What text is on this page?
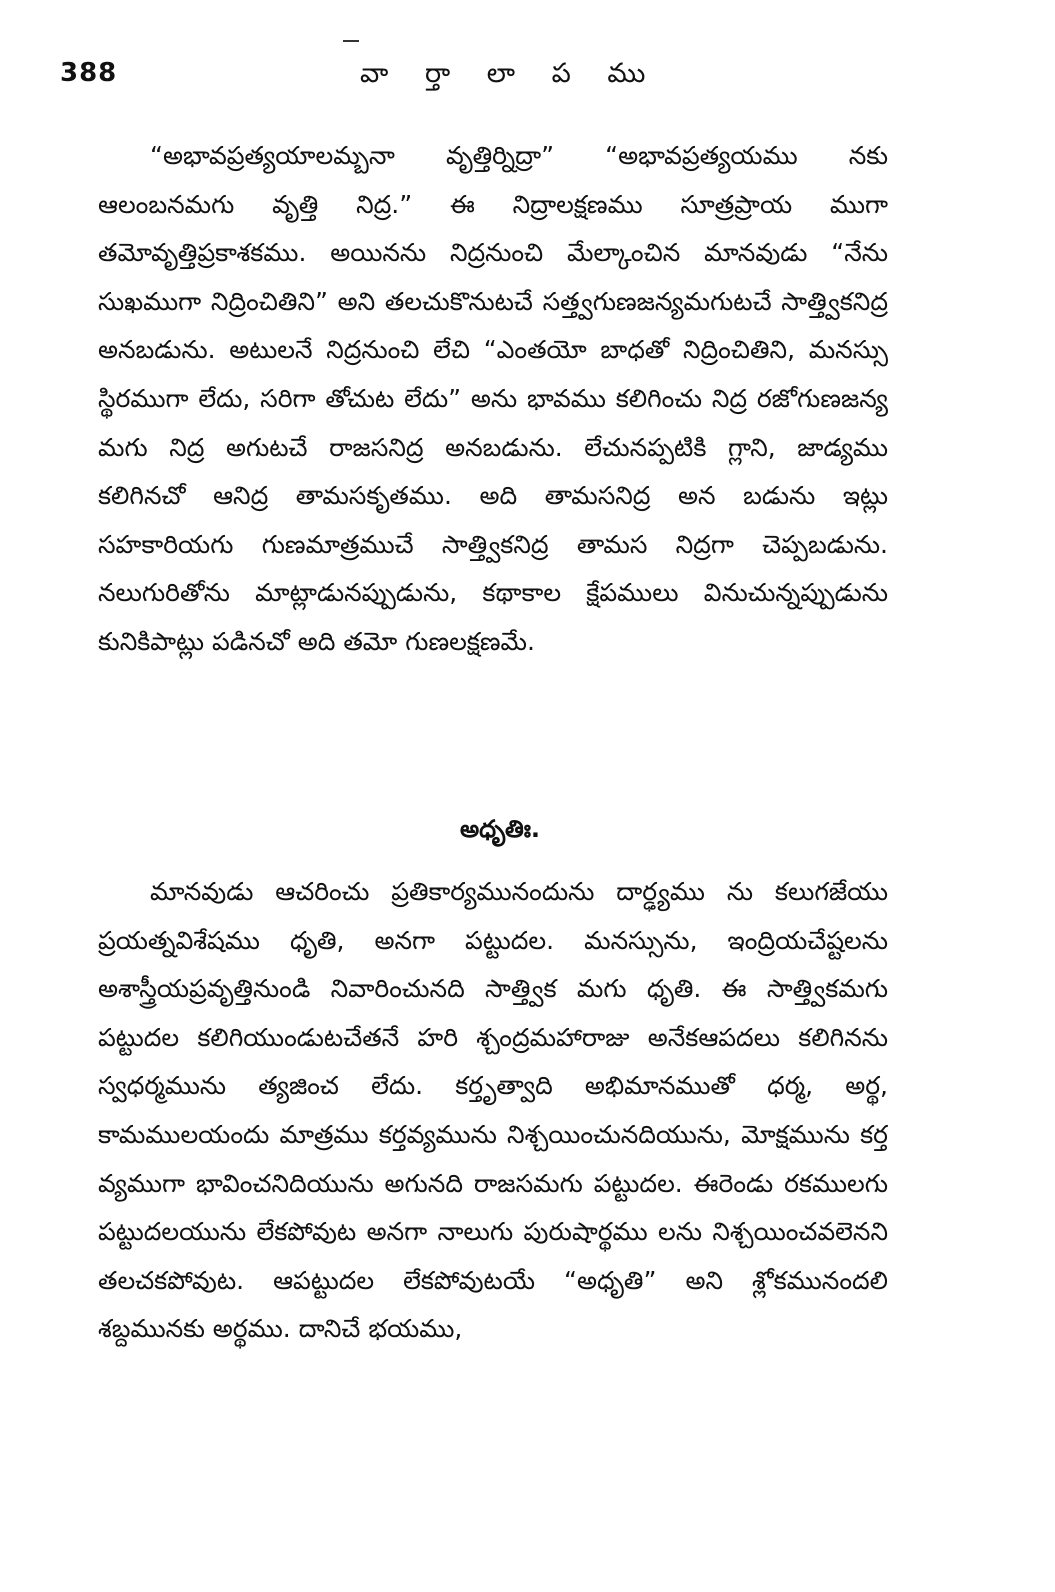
388	వా ర్తా లా ప ము

“అభావప్రత్యయాలమ్బనా వృత్తిర్నిద్రా” “అభావప్రత్యయము నకు ఆలంబనమగు వృత్తి నిద్ర.” ఈ నిద్రాలక్షణము సూత్రప్రాయ ముగా తమోవృత్తిప్రకాశకము. అయినను నిద్రనుంచి మేల్కాంచిన మానవుడు “నేను సుఖముగా నిద్రించితిని” అని తలచుకొనుటచే సత్త్వగుణజన్యమగుటచే సాత్త్వికనిద్ర అనబడును. అటులనే నిద్రనుంచి లేచి “ఎంతయో బాధతో నిద్రించితిని, మనస్సు స్థిరముగా లేదు, సరిగా తోచుట లేదు” అను భావము కలిగించు నిద్ర రజోగుణజన్య మగు నిద్ర అగుటచే రాజసనిద్ర అనబడును. లేచునప్పటికి గ్లాని, జాడ్యము కలిగినచో ఆనిద్ర తామసకృతము. అది తామసనిద్ర అన బడును ఇట్లు సహకారియగు గుణమాత్రముచే సాత్త్వికనిద్ర తామస నిద్రగా చెప్పబడును. నలుగురితోను మాట్లాడునప్పుడును, కథాకాల క్షేపములు వినుచున్నప్పుడును కునికిపాట్లు పడినచో అది తమో గుణలక్షణమే.

అధృతిః.

మానవుడు ఆచరించు ప్రతికార్యమునందును దార్ఢ్యము ను కలుగజేయు ప్రయత్నవిశేషము ధృతి, అనగా పట్టుదల. మనస్సును, ఇంద్రియచేష్టలను అశాస్త్రీయప్రవృత్తినుండి నివారించునది సాత్త్విక మగు ధృతి. ఈ సాత్త్వికమగు పట్టుదల కలిగియుండుటచేతనే హరి శ్చంద్రమహారాజు అనేకఆపదలు కలిగినను స్వధర్మమును త్యజించ లేదు. కర్తృత్వాది అభిమానముతో ధర్మ, అర్థ, కామములయందు మాత్రము కర్తవ్యమును నిశ్చయించునదియును, మోక్షమును కర్త వ్యముగా భావించనిదియును అగునది రాజసమగు పట్టుదల. ఈరెండు రకములగు పట్టుదలయును లేకపోవుట అనగా నాలుగు పురుషార్థము లను నిశ్చయించవలెనని తలచకపోవుట. ఆపట్టుదల లేకపోవుటయే “అధృతి” అని శ్లోకమునందలి శబ్దమునకు అర్థము. దానిచే భయము,
